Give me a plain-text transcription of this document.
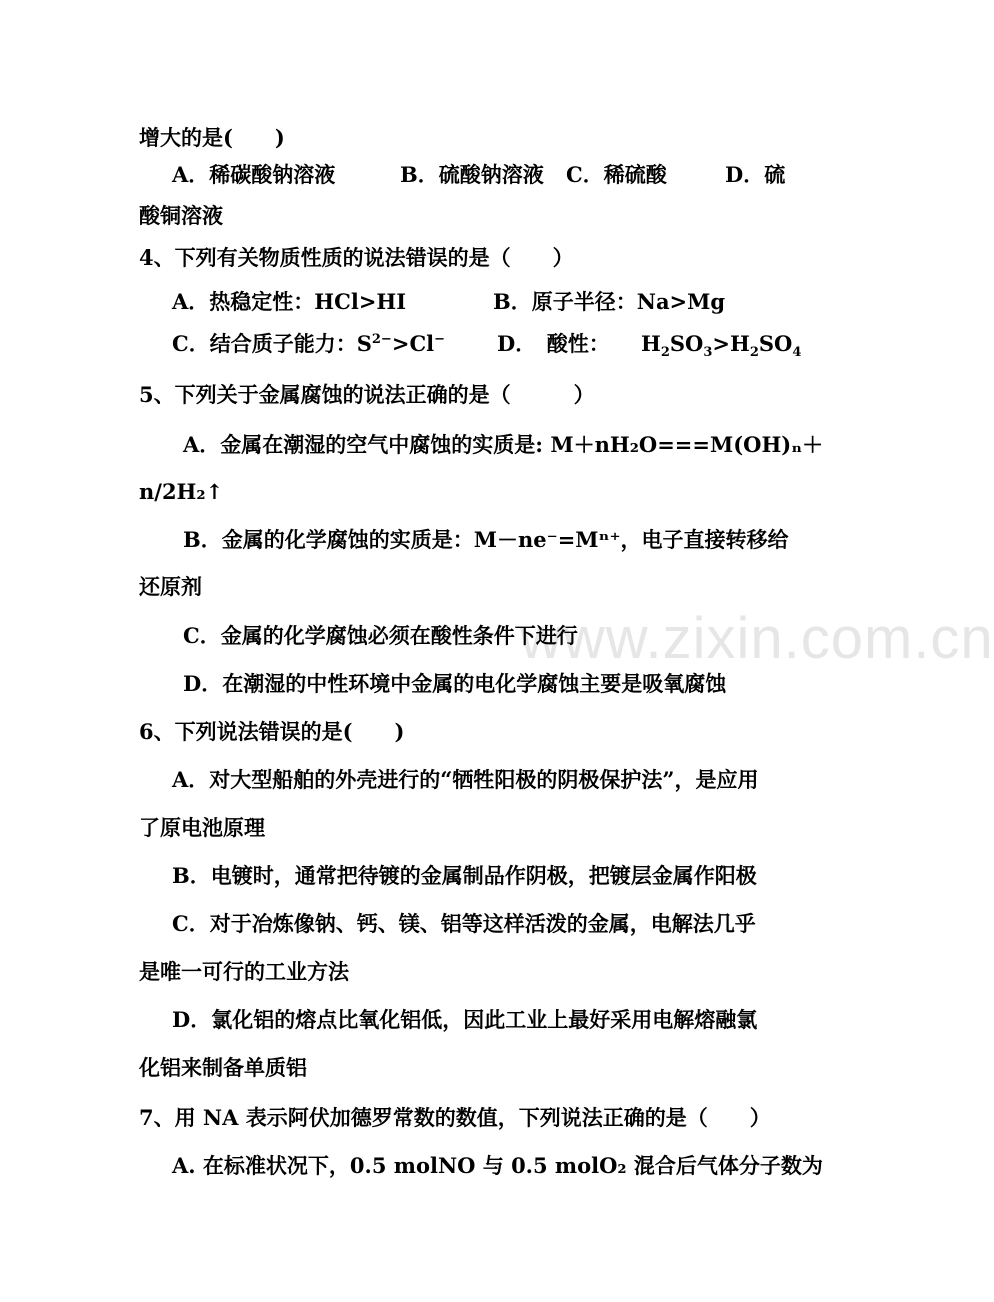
www.zixin.com.cn
增大的是(　　)
A．稀碳酸钠溶液	B．硫酸钠溶液 C．稀硫酸	D．硫
酸铜溶液
4、下列有关物质性质的说法错误的是（　　）
A．热稳定性：HCl>HI	B．原子半径：Na>Mg
C．结合质子能力：$S^{2-}>Cl^-$ D．　酸性： $H_2SO_3>H_2SO_4$
5、下列关于金属腐蚀的说法正确的是（　　　）
A．金属在潮湿的空气中腐蚀的实质是: M＋nH₂O===M(OH)ₙ＋
n/2H₂↑
B．金属的化学腐蚀的实质是：M－ne⁻=Mⁿ⁺，电子直接转移给
还原剂
C．金属的化学腐蚀必须在酸性条件下进行
D．在潮湿的中性环境中金属的电化学腐蚀主要是吸氧腐蚀
6、下列说法错误的是(　　)
A．对大型船舶的外壳进行的“牺牲阳极的阴极保护法”，是应用
了原电池原理
B．电镀时，通常把待镀的金属制品作阴极，把镀层金属作阳极
C．对于冶炼像钠、钙、镁、铝等这样活泼的金属，电解法几乎
是唯一可行的工业方法
D．氯化铝的熔点比氧化铝低，因此工业上最好采用电解熔融氯
化铝来制备单质铝
7、用 NA 表示阿伏加德罗常数的数值，下列说法正确的是（　　）
A. 在标准状况下，0.5 molNO 与 0.5 molO₂ 混合后气体分子数为
